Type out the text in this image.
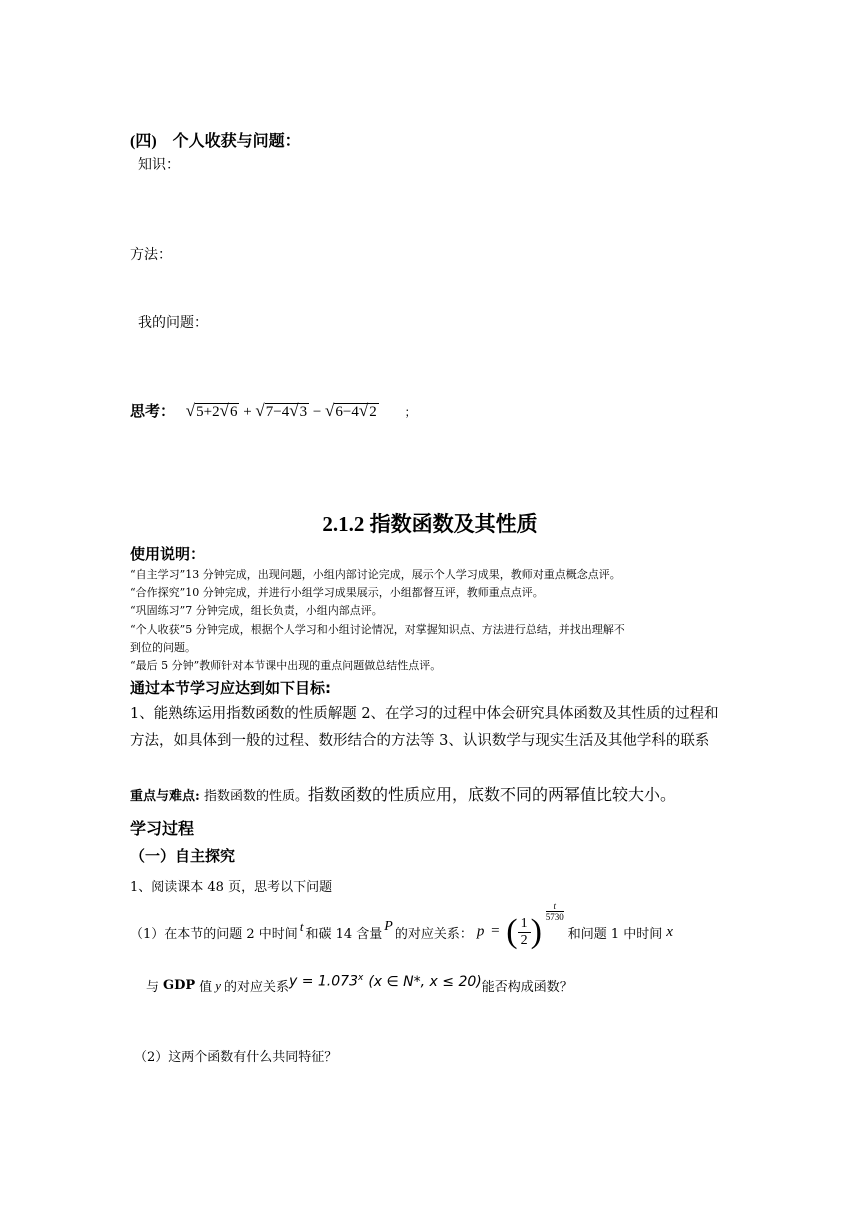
(四)　个人收获与问题：
知识：
方法：
我的问题：
思考： √5+2√6 + √7−4√3 − √6−4√2 ；
2.1.2 指数函数及其性质
使用说明：
“自主学习”13 分钟完成，出现问题，小组内部讨论完成，展示个人学习成果，教师对重点概念点评。
“合作探究”10 分钟完成，并进行小组学习成果展示，小组都督互评，教师重点点评。
“巩固练习”7 分钟完成，组长负责，小组内部点评。
“个人收获”5 分钟完成，根据个人学习和小组讨论情况，对掌握知识点、方法进行总结，并找出理解不
到位的问题。
“最后 5 分钟”教师针对本节课中出现的重点问题做总结性点评。
通过本节学习应达到如下目标:
1、能熟练运用指数函数的性质解题 2、在学习的过程中体会研究具体函数及其性质的过程和方法，如具体到一般的过程、数形结合的方法等 3、认识数学与现实生活及其他学科的联系
重点与难点: 指数函数的性质。指数函数的性质应用，底数不同的两幂值比较大小。
学习过程
（一）自主探究
1、阅读课本 48 页，思考以下问题
（1）在本节的问题 2 中时间 t 和碳 14 含量 P 的对应关系： p = ( $\frac{1}{2}$ )
$\frac{t}{5730}$
和问题 1 中时间 x
与 GDP 值 y 的对应关系 $y = 1.073^x$ (x ∈ N*, x ≤ 20) 能否构成函数？
（2）这两个函数有什么共同特征？
